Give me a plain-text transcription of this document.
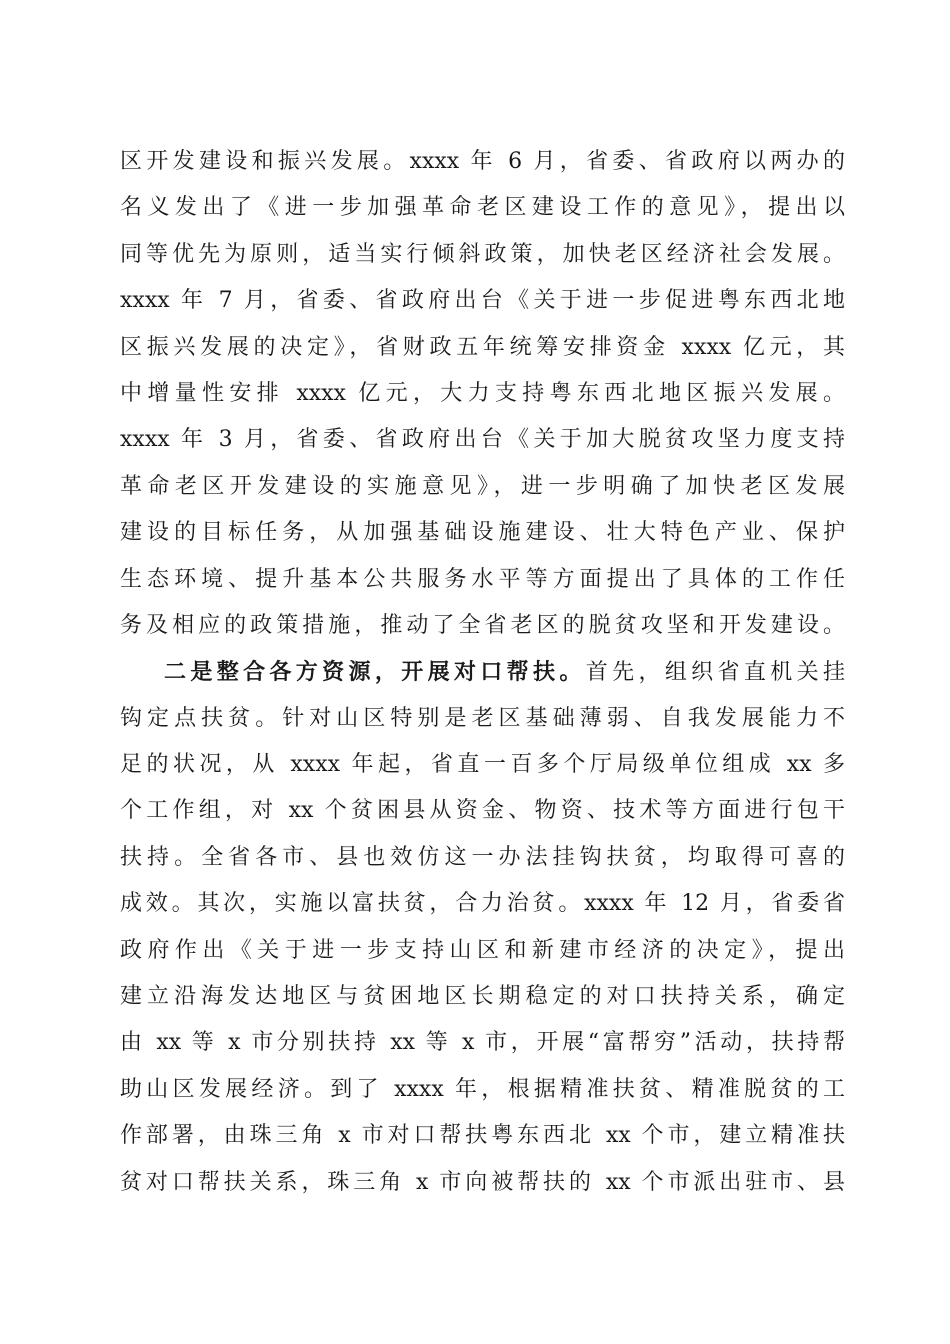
区开发建设和振兴发展。xxxx 年 6 月，省委、省政府以两办的
名义发出了《进一步加强革命老区建设工作的意见》，提出以
同等优先为原则，适当实行倾斜政策，加快老区经济社会发展。
xxxx 年 7 月，省委、省政府出台《关于进一步促进粤东西北地
区振兴发展的决定》，省财政五年统筹安排资金 xxxx 亿元，其
中增量性安排 xxxx 亿元，大力支持粤东西北地区振兴发展。
xxxx 年 3 月，省委、省政府出台《关于加大脱贫攻坚力度支持
革命老区开发建设的实施意见》，进一步明确了加快老区发展
建设的目标任务，从加强基础设施建设、壮大特色产业、保护
生态环境、提升基本公共服务水平等方面提出了具体的工作任
务及相应的政策措施，推动了全省老区的脱贫攻坚和开发建设。
二是整合各方资源，开展对口帮扶。首先，组织省直机关挂
钩定点扶贫。针对山区特别是老区基础薄弱、自我发展能力不
足的状况，从 xxxx 年起，省直一百多个厅局级单位组成 xx 多
个工作组，对 xx 个贫困县从资金、物资、技术等方面进行包干
扶持。全省各市、县也效仿这一办法挂钩扶贫，均取得可喜的
成效。其次，实施以富扶贫，合力治贫。xxxx 年 12 月，省委省
政府作出《关于进一步支持山区和新建市经济的决定》，提出
建立沿海发达地区与贫困地区长期稳定的对口扶持关系，确定
由 xx 等 x 市分别扶持 xx 等 x 市，开展“富帮穷”活动，扶持帮
助山区发展经济。到了 xxxx 年，根据精准扶贫、精准脱贫的工
作部署，由珠三角 x 市对口帮扶粤东西北 xx 个市，建立精准扶
贫对口帮扶关系，珠三角 x 市向被帮扶的 xx 个市派出驻市、县
